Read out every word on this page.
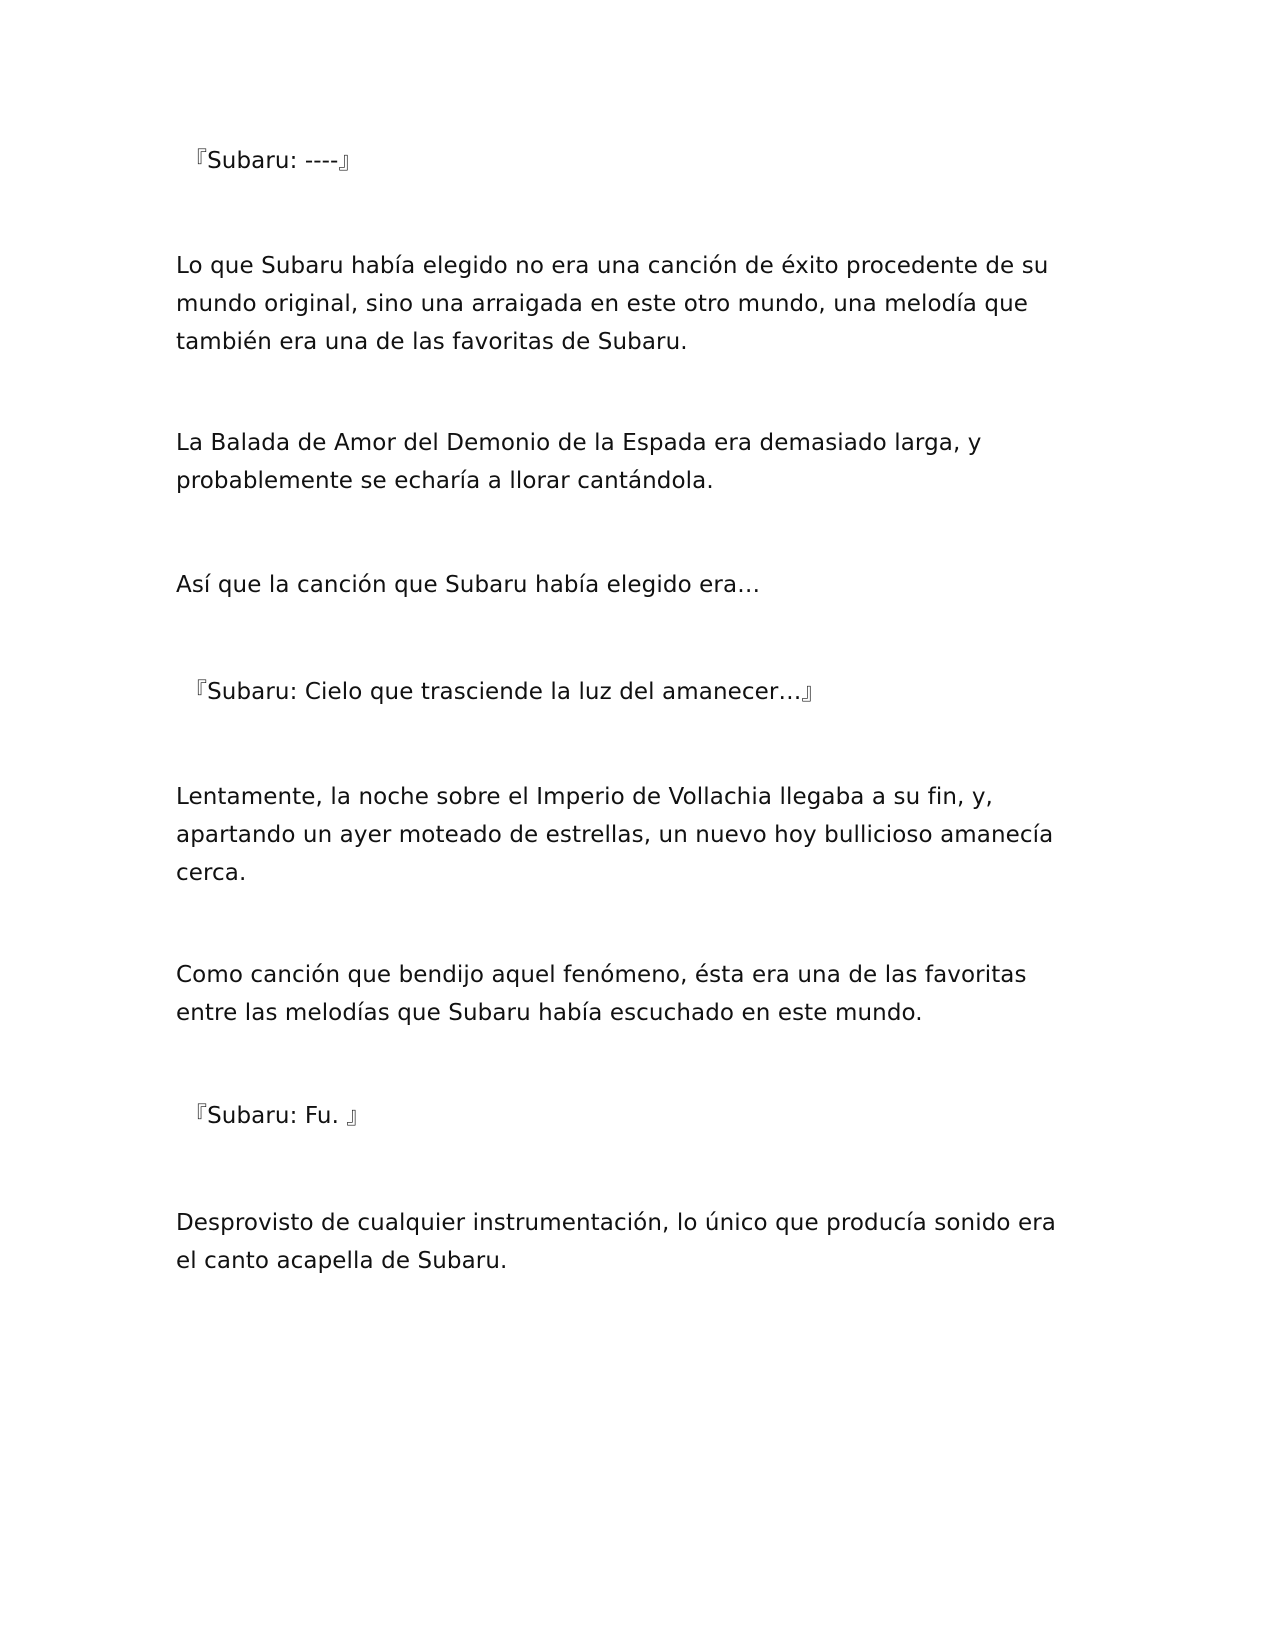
『Subaru: ----』

Lo que Subaru había elegido no era una canción de éxito procedente de su
mundo original, sino una arraigada en este otro mundo, una melodía que
también era una de las favoritas de Subaru.

La Balada de Amor del Demonio de la Espada era demasiado larga, y
probablemente se echaría a llorar cantándola.

Así que la canción que Subaru había elegido era…

『Subaru: Cielo que trasciende la luz del amanecer…』

Lentamente, la noche sobre el Imperio de Vollachia llegaba a su fin, y,
apartando un ayer moteado de estrellas, un nuevo hoy bullicioso amanecía
cerca.

Como canción que bendijo aquel fenómeno, ésta era una de las favoritas
entre las melodías que Subaru había escuchado en este mundo.

『Subaru: Fu. 』

Desprovisto de cualquier instrumentación, lo único que producía sonido era
el canto acapella de Subaru.
